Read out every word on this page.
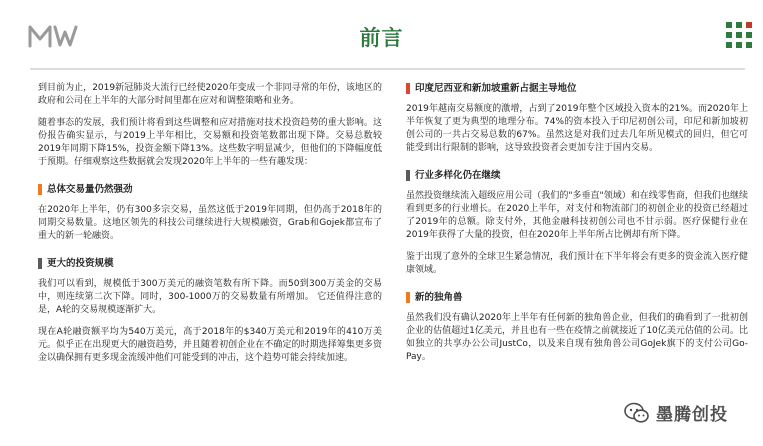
前言

到目前为止，2019新冠肺炎大流行已经使2020年变成一个非同寻常的年份，该地区的政府和公司在上半年的大部分时间里都在应对和调整策略和业务。

随着事态的发展，我们预计将看到这些调整和应对措施对技术投资趋势的重大影响。这份报告确实显示，与2019上半年相比，交易额和投资笔数都出现下降。交易总数较2019年同期下降15%，投资金额下降13%。这些数字明显减少，但他们的下降幅度低于预期。仔细观察这些数据就会发现2020年上半年的一些有趣发现：

总体交易量仍然强劲

在2020年上半年，仍有300多宗交易，虽然这低于2019年同期，但仍高于2018年的同期交易数量。这地区领先的科技公司继续进行大规模融资，Grab和Gojek都宣布了重大的新一轮融资。

更大的投资规模

我们可以看到，规模低于300万美元的融资笔数有所下降。而50到300万美金的交易中，则连续第二次下降。同时，300-1000万的交易数量有所增加。 它还值得注意的是，A轮的交易规模逐渐扩大。

现在A轮融资额平均为540万美元，高于2018年的$340万美元和2019年的410万美元。似乎正在出现更大的融资趋势，并且随着初创企业在不确定的时期选择筹集更多资金以确保拥有更多现金流缓冲他们可能受到的冲击，这个趋势可能会持续加速。

印度尼西亚和新加坡重新占据主导地位

2019年越南交易额度的激增，占到了2019年整个区域投入资本的21%。而2020年上半年恢复了更为典型的地理分布。74%的资本投入于印尼初创公司，印尼和新加坡初创公司的一共占交易总数的67%。虽然这是对我们过去几年所见模式的回归，但它可能受到出行限制的影响，这导致投资者会更加专注于国内交易。

行业多样化仍在继续

虽然投资继续流入超级应用公司（我们的"多垂直"领域）和在线零售商，但我们也继续看到更多的行业增长。在2020上半年，对支付和物流部门的初创企业的投资已经超过了2019年的总额。除支付外，其他金融科技初创公司也不甘示弱。医疗保健行业在2019年获得了大量的投资，但在2020年上半年所占比例却有所下降。

鉴于出现了意外的全球卫生紧急情况，我们预计在下半年将会有更多的资金流入医疗健康领域。

新的独角兽

虽然我们没有确认2020年上半年有任何新的独角兽企业，但我们的确看到了一批初创企业的估值超过1亿美元，并且也有一些在疫情之前就接近了10亿美元估值的公司。比如独立的共享办公公司JustCo，以及来自现有独角兽公司GoJek旗下的支付公司Go-Pay。

墨腾创投
